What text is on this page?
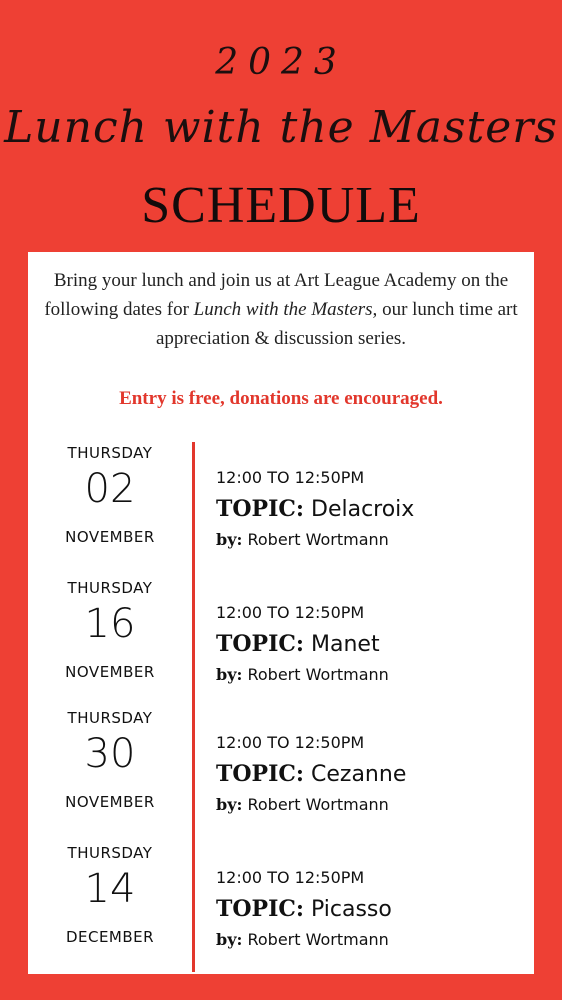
2023
Lunch with the Masters
SCHEDULE
Bring your lunch and join us at Art League Academy on the following dates for Lunch with the Masters, our lunch time art appreciation & discussion series.
Entry is free, donations are encouraged.
THURSDAY
02
NOVEMBER
12:00 TO 12:50PM
TOPIC: Delacroix
by: Robert Wortmann
THURSDAY
16
NOVEMBER
12:00 TO 12:50PM
TOPIC: Manet
by: Robert Wortmann
THURSDAY
30
NOVEMBER
12:00 TO 12:50PM
TOPIC: Cezanne
by: Robert Wortmann
THURSDAY
14
DECEMBER
12:00 TO 12:50PM
TOPIC: Picasso
by: Robert Wortmann
